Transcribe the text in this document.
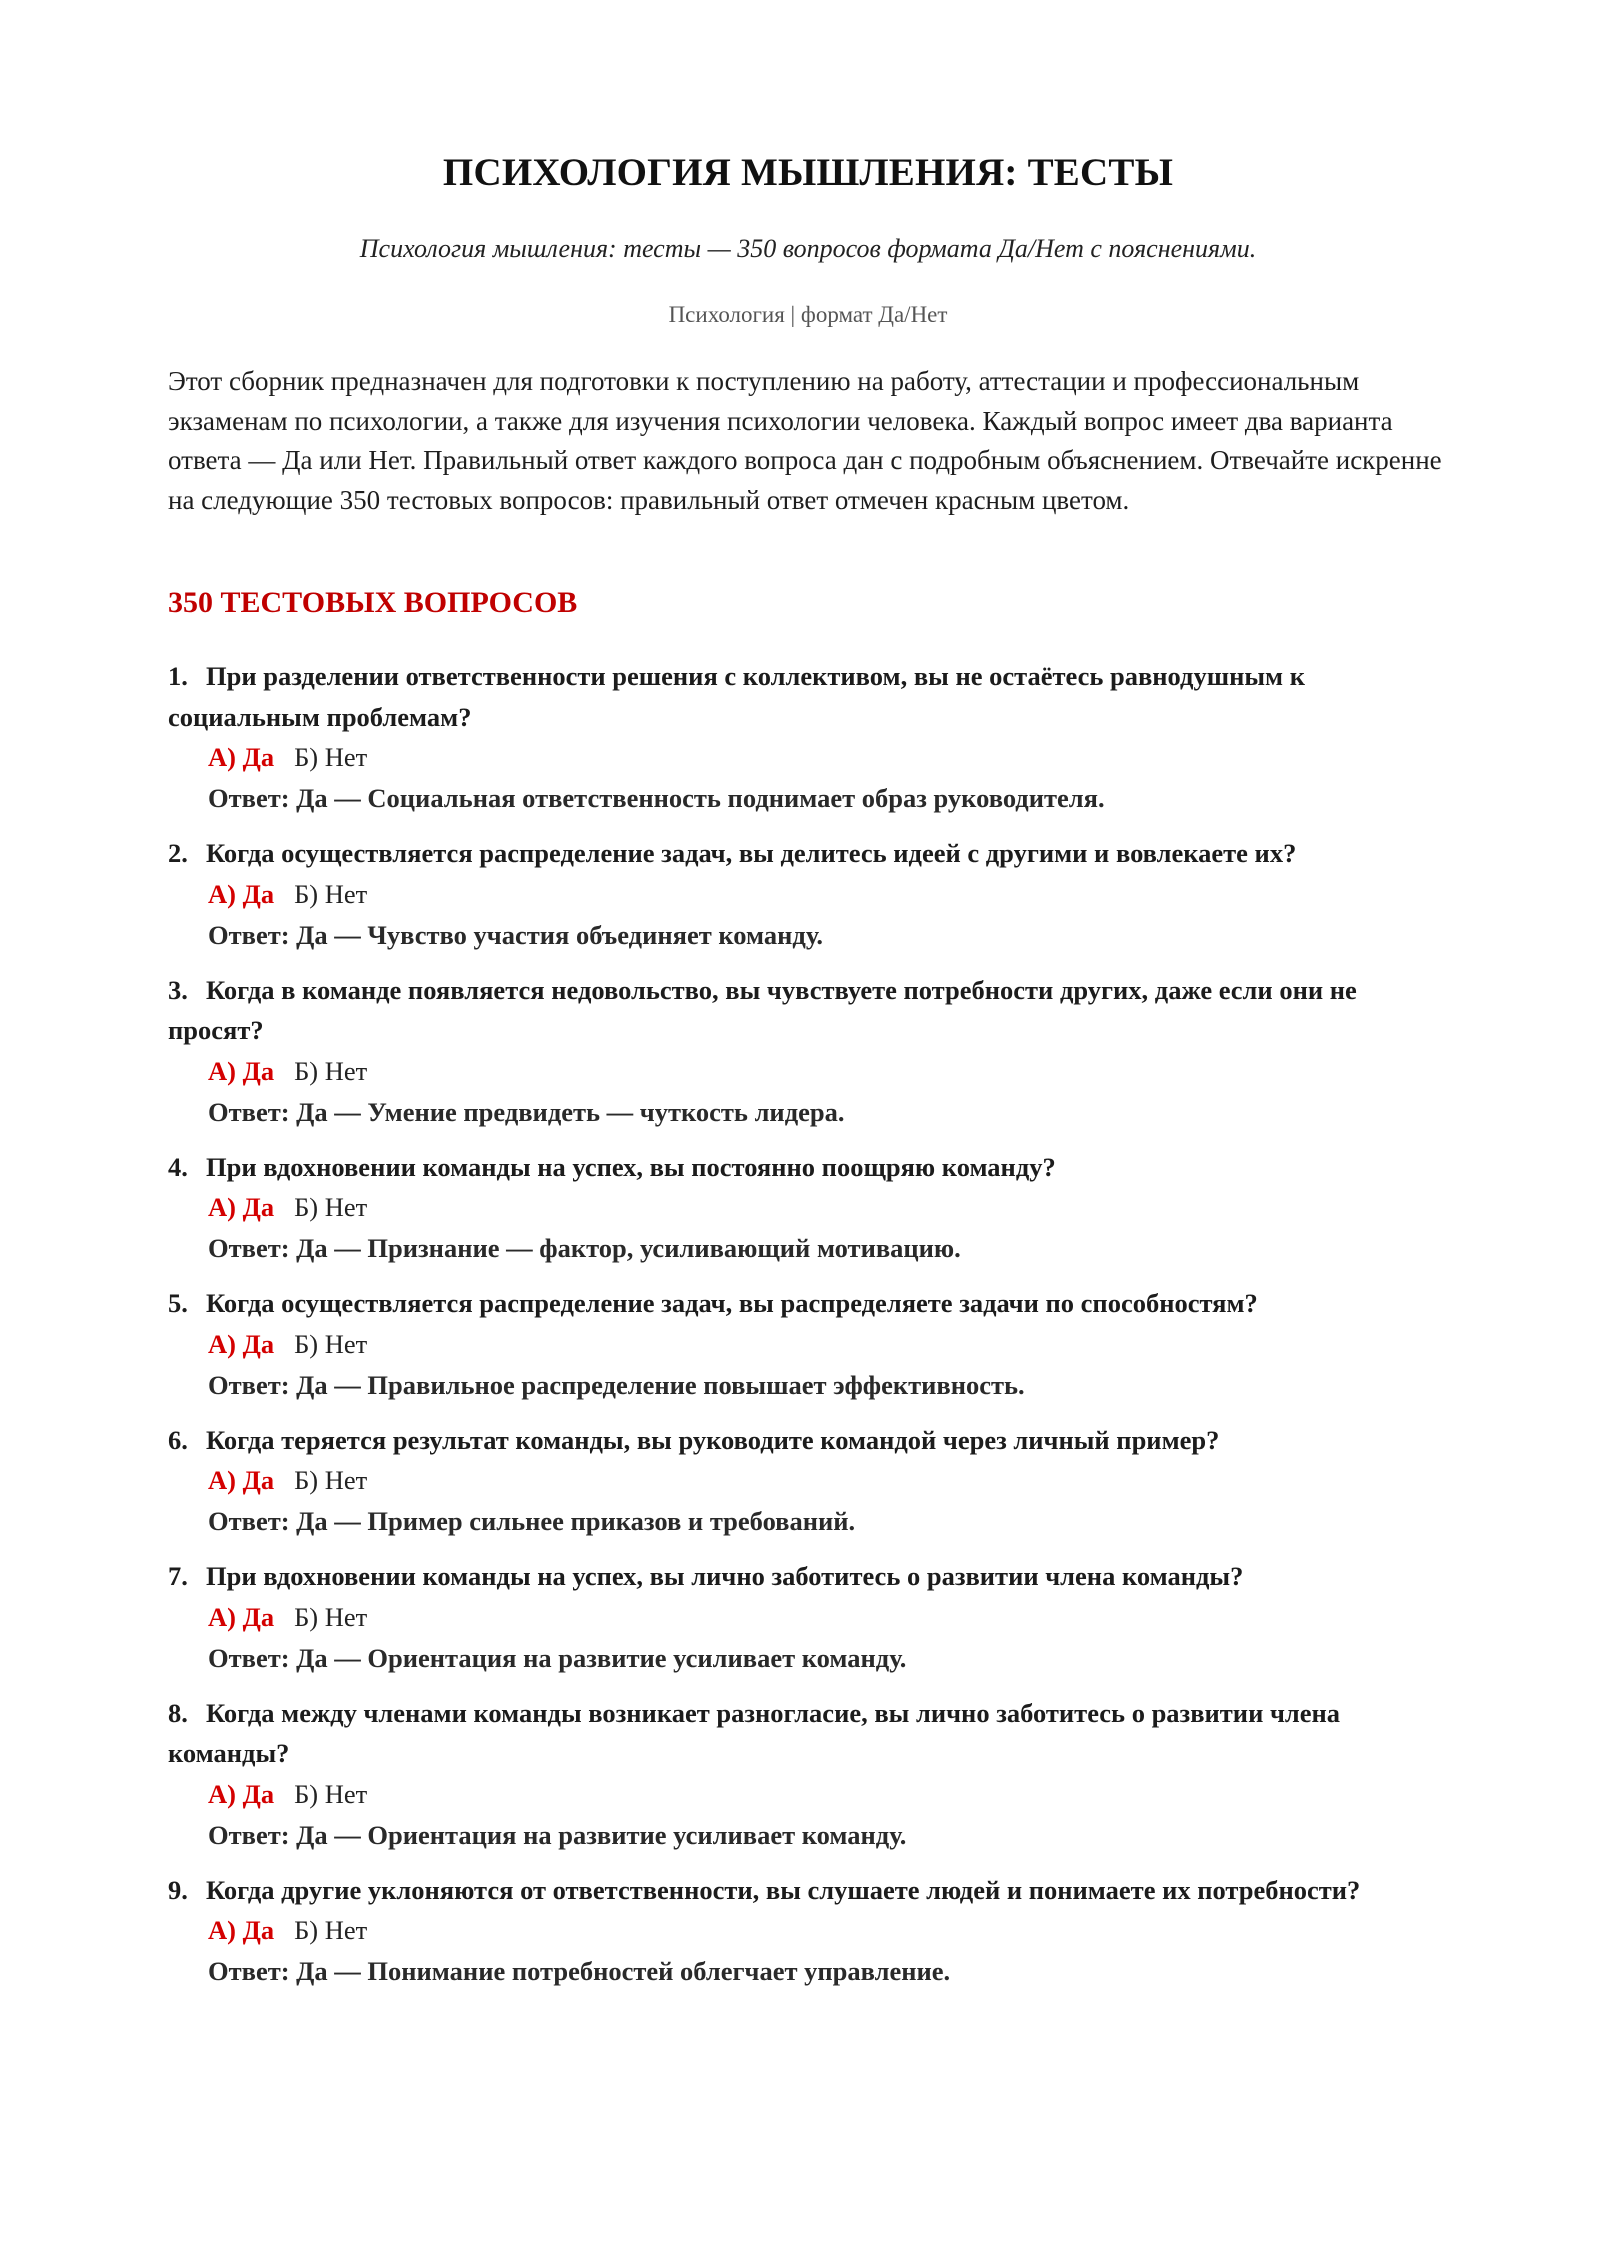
ПСИХОЛОГИЯ МЫШЛЕНИЯ: ТЕСТЫ

Психология мышления: тесты — 350 вопросов формата Да/Нет с пояснениями.

Психология | формат Да/Нет

Этот сборник предназначен для подготовки к поступлению на работу, аттестации и профессиональным экзаменам по психологии, а также для изучения психологии человека. Каждый вопрос имеет два варианта ответа — Да или Нет. Правильный ответ каждого вопроса дан с подробным объяснением. Отвечайте искренне на следующие 350 тестовых вопросов: правильный ответ отмечен красным цветом.

350 ТЕСТОВЫХ ВОПРОСОВ

1. При разделении ответственности решения с коллективом, вы не остаётесь равнодушным к социальным проблемам?

А) Да Б) Нет

Ответ: Да — Социальная ответственность поднимает образ руководителя.

2. Когда осуществляется распределение задач, вы делитесь идеей с другими и вовлекаете их?

А) Да Б) Нет

Ответ: Да — Чувство участия объединяет команду.

3. Когда в команде появляется недовольство, вы чувствуете потребности других, даже если они не просят?

А) Да Б) Нет

Ответ: Да — Умение предвидеть — чуткость лидера.

4. При вдохновении команды на успех, вы постоянно поощряю команду?

А) Да Б) Нет

Ответ: Да — Признание — фактор, усиливающий мотивацию.

5. Когда осуществляется распределение задач, вы распределяете задачи по способностям?

А) Да Б) Нет

Ответ: Да — Правильное распределение повышает эффективность.

6. Когда теряется результат команды, вы руководите командой через личный пример?

А) Да Б) Нет

Ответ: Да — Пример сильнее приказов и требований.

7. При вдохновении команды на успех, вы лично заботитесь о развитии члена команды?

А) Да Б) Нет

Ответ: Да — Ориентация на развитие усиливает команду.

8. Когда между членами команды возникает разногласие, вы лично заботитесь о развитии члена команды?

А) Да Б) Нет

Ответ: Да — Ориентация на развитие усиливает команду.

9. Когда другие уклоняются от ответственности, вы слушаете людей и понимаете их потребности?

А) Да Б) Нет

Ответ: Да — Понимание потребностей облегчает управление.
